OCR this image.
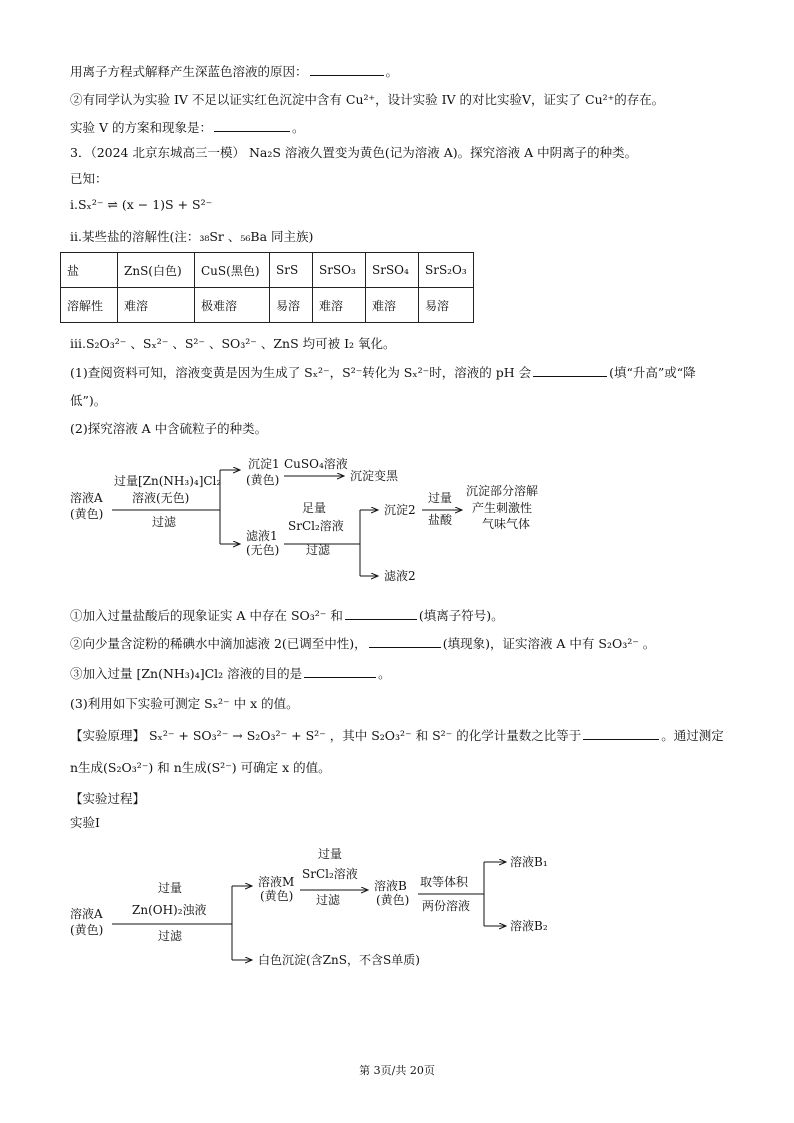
用离子方程式解释产生深蓝色溶液的原因：	。
②有同学认为实验 IV 不足以证实红色沉淀中含有 Cu²⁺，设计实验 IV 的对比实验V，证实了 Cu²⁺的存在。
实验 V 的方案和现象是：	。
3．（2024 北京东城高三一模） Na₂S 溶液久置变为黄色(记为溶液 A)。探究溶液 A 中阴离子的种类。
已知：
i.Sₓ²⁻ ⇌ (x − 1)S + S²⁻
ii.某些盐的溶解性(注：₃₈Sr 、₅₆Ba 同主族)
盐	ZnS(白色)	CuS(黑色)	SrS	SrSO₃	SrSO₄	SrS₂O₃
溶解性	难溶	极难溶	易溶	难溶	难溶	易溶
iii.S₂O₃²⁻ 、Sₓ²⁻ 、S²⁻ 、SO₃²⁻ 、ZnS 均可被 I₂ 氧化。
(1)查阅资料可知，溶液变黄是因为生成了 Sₓ²⁻，S²⁻转化为 Sₓ²⁻时，溶液的 pH 会	(填“升高”或“降
低”)。
(2)探究溶液 A 中含硫粒子的种类。
溶液A
(黄色)
过量[Zn(NH₃)₄]Cl₂
溶液(无色)
过滤
沉淀1
(黄色)
CuSO₄溶液
沉淀变黑
滤液1
(无色)
足量
SrCl₂溶液
过滤
沉淀2
过量
盐酸
沉淀部分溶解
产生刺激性
气味气体
滤液2
①加入过量盐酸后的现象证实 A 中存在 SO₃²⁻ 和	(填离子符号)。
②向少量含淀粉的稀碘水中滴加滤液 2(已调至中性)，	(填现象)，证实溶液 A 中有 S₂O₃²⁻ 。
③加入过量 [Zn(NH₃)₄]Cl₂ 溶液的目的是	。
(3)利用如下实验可测定 Sₓ²⁻ 中 x 的值。
【实验原理】 Sₓ²⁻ + SO₃²⁻ → S₂O₃²⁻ + S²⁻ ，其中 S₂O₃²⁻ 和 S²⁻ 的化学计量数之比等于	。通过测定
n生成(S₂O₃²⁻) 和 n生成(S²⁻) 可确定 x 的值。
【实验过程】
实验I
溶液A
(黄色)
过量
Zn(OH)₂浊液
过滤
溶液M
(黄色)
过量
SrCl₂溶液
过滤
溶液B
(黄色)
取等体积
两份溶液
溶液B₁
溶液B₂
白色沉淀(含ZnS，不含S单质)
第 3页/共 20页
